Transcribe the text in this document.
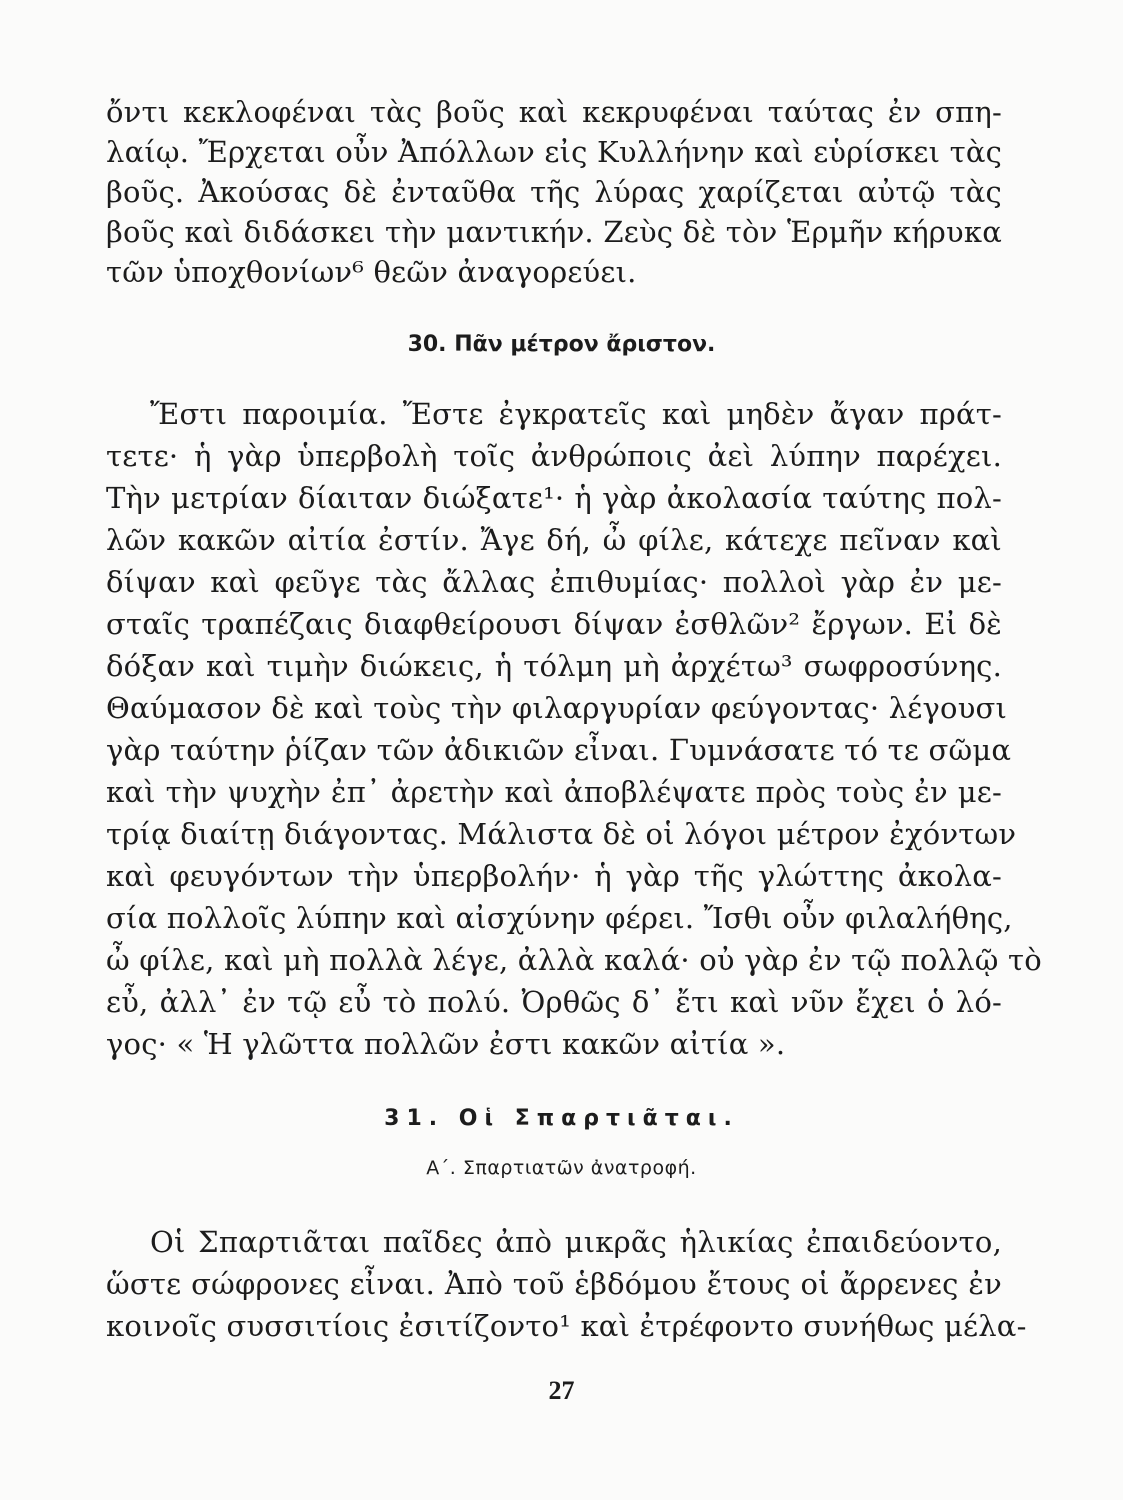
ὄντι κεκλοφέναι τὰς βοῦς καὶ κεκρυφέναι ταύτας ἐν σπη-
λαίῳ. Ἔρχεται οὖν Ἀπόλλων εἰς Κυλλήνην καὶ εὑρίσκει τὰς
βοῦς. Ἀκούσας δὲ ἐνταῦθα τῆς λύρας χαρίζεται αὐτῷ τὰς
βοῦς καὶ διδάσκει τὴν μαντικήν. Ζεὺς δὲ τὸν Ἑρμῆν κήρυκα
τῶν ὑποχθονίων⁶ θεῶν ἀναγορεύει.
30. Πᾶν μέτρον ἄριστον.
Ἔστι παροιμία. Ἔστε ἐγκρατεῖς καὶ μηδὲν ἄγαν πράτ-
τετε· ἡ γὰρ ὑπερβολὴ τοῖς ἀνθρώποις ἀεὶ λύπην παρέχει.
Τὴν μετρίαν δίαιταν διώξατε¹· ἡ γὰρ ἀκολασία ταύτης πολ-
λῶν κακῶν αἰτία ἐστίν. Ἄγε δή, ὦ φίλε, κάτεχε πεῖναν καὶ
δίψαν καὶ φεῦγε τὰς ἄλλας ἐπιθυμίας· πολλοὶ γὰρ ἐν με-
σταῖς τραπέζαις διαφθείρουσι δίψαν ἐσθλῶν² ἔργων. Εἰ δὲ
δόξαν καὶ τιμὴν διώκεις, ἡ τόλμη μὴ ἀρχέτω³ σωφροσύνης.
Θαύμασον δὲ καὶ τοὺς τὴν φιλαργυρίαν φεύγοντας· λέγουσι
γὰρ ταύτην ῥίζαν τῶν ἀδικιῶν εἶναι. Γυμνάσατε τό τε σῶμα
καὶ τὴν ψυχὴν ἐπ᾽ ἀρετὴν καὶ ἀποβλέψατε πρὸς τοὺς ἐν με-
τρίᾳ διαίτῃ διάγοντας. Μάλιστα δὲ οἱ λόγοι μέτρον ἐχόντων
καὶ φευγόντων τὴν ὑπερβολήν· ἡ γὰρ τῆς γλώττης ἀκολα-
σία πολλοῖς λύπην καὶ αἰσχύνην φέρει. Ἴσθι οὖν φιλαλήθης,
ὦ φίλε, καὶ μὴ πολλὰ λέγε, ἀλλὰ καλά· οὐ γὰρ ἐν τῷ πολλῷ τὸ
εὖ, ἀλλ᾽ ἐν τῷ εὖ τὸ πολύ. Ὀρθῶς δ᾽ ἔτι καὶ νῦν ἔχει ὁ λό-
γος· « Ἡ γλῶττα πολλῶν ἐστι κακῶν αἰτία ».
31. Οἱ Σπαρτιᾶται.
Α΄. Σπαρτιατῶν ἀνατροφή.
Οἱ Σπαρτιᾶται παῖδες ἀπὸ μικρᾶς ἡλικίας ἐπαιδεύοντο,
ὥστε σώφρονες εἶναι. Ἀπὸ τοῦ ἑβδόμου ἔτους οἱ ἄρρενες ἐν
κοινοῖς συσσιτίοις ἐσιτίζοντο¹ καὶ ἐτρέφοντο συνήθως μέλα-
27
